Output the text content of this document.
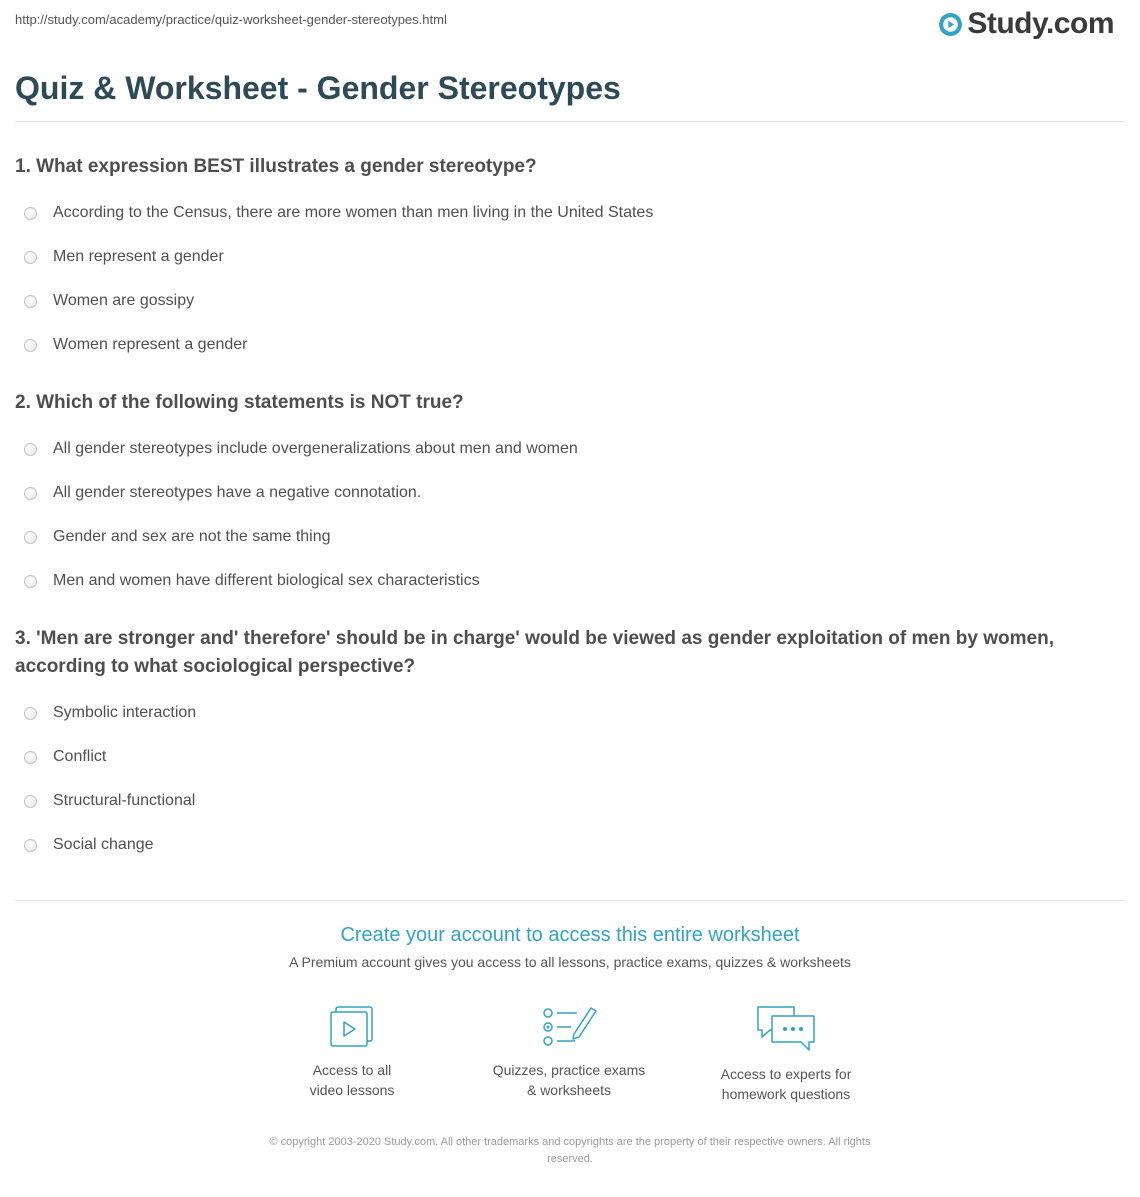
http://study.com/academy/practice/quiz-worksheet-gender-stereotypes.html	Study.com
Quiz & Worksheet - Gender Stereotypes
1. What expression BEST illustrates a gender stereotype?
According to the Census, there are more women than men living in the United States
Men represent a gender
Women are gossipy
Women represent a gender
2. Which of the following statements is NOT true?
All gender stereotypes include overgeneralizations about men and women
All gender stereotypes have a negative connotation.
Gender and sex are not the same thing
Men and women have different biological sex characteristics
3. 'Men are stronger and' therefore' should be in charge' would be viewed as gender exploitation of men by women, according to what sociological perspective?
Symbolic interaction
Conflict
Structural-functional
Social change
Create your account to access this entire worksheet
A Premium account gives you access to all lessons, practice exams, quizzes & worksheets
Access to all
video lessons
Quizzes, practice exams
& worksheets
Access to experts for
homework questions
© copyright 2003-2020 Study.com. All other trademarks and copyrights are the property of their respective owners. All rights
reserved.
